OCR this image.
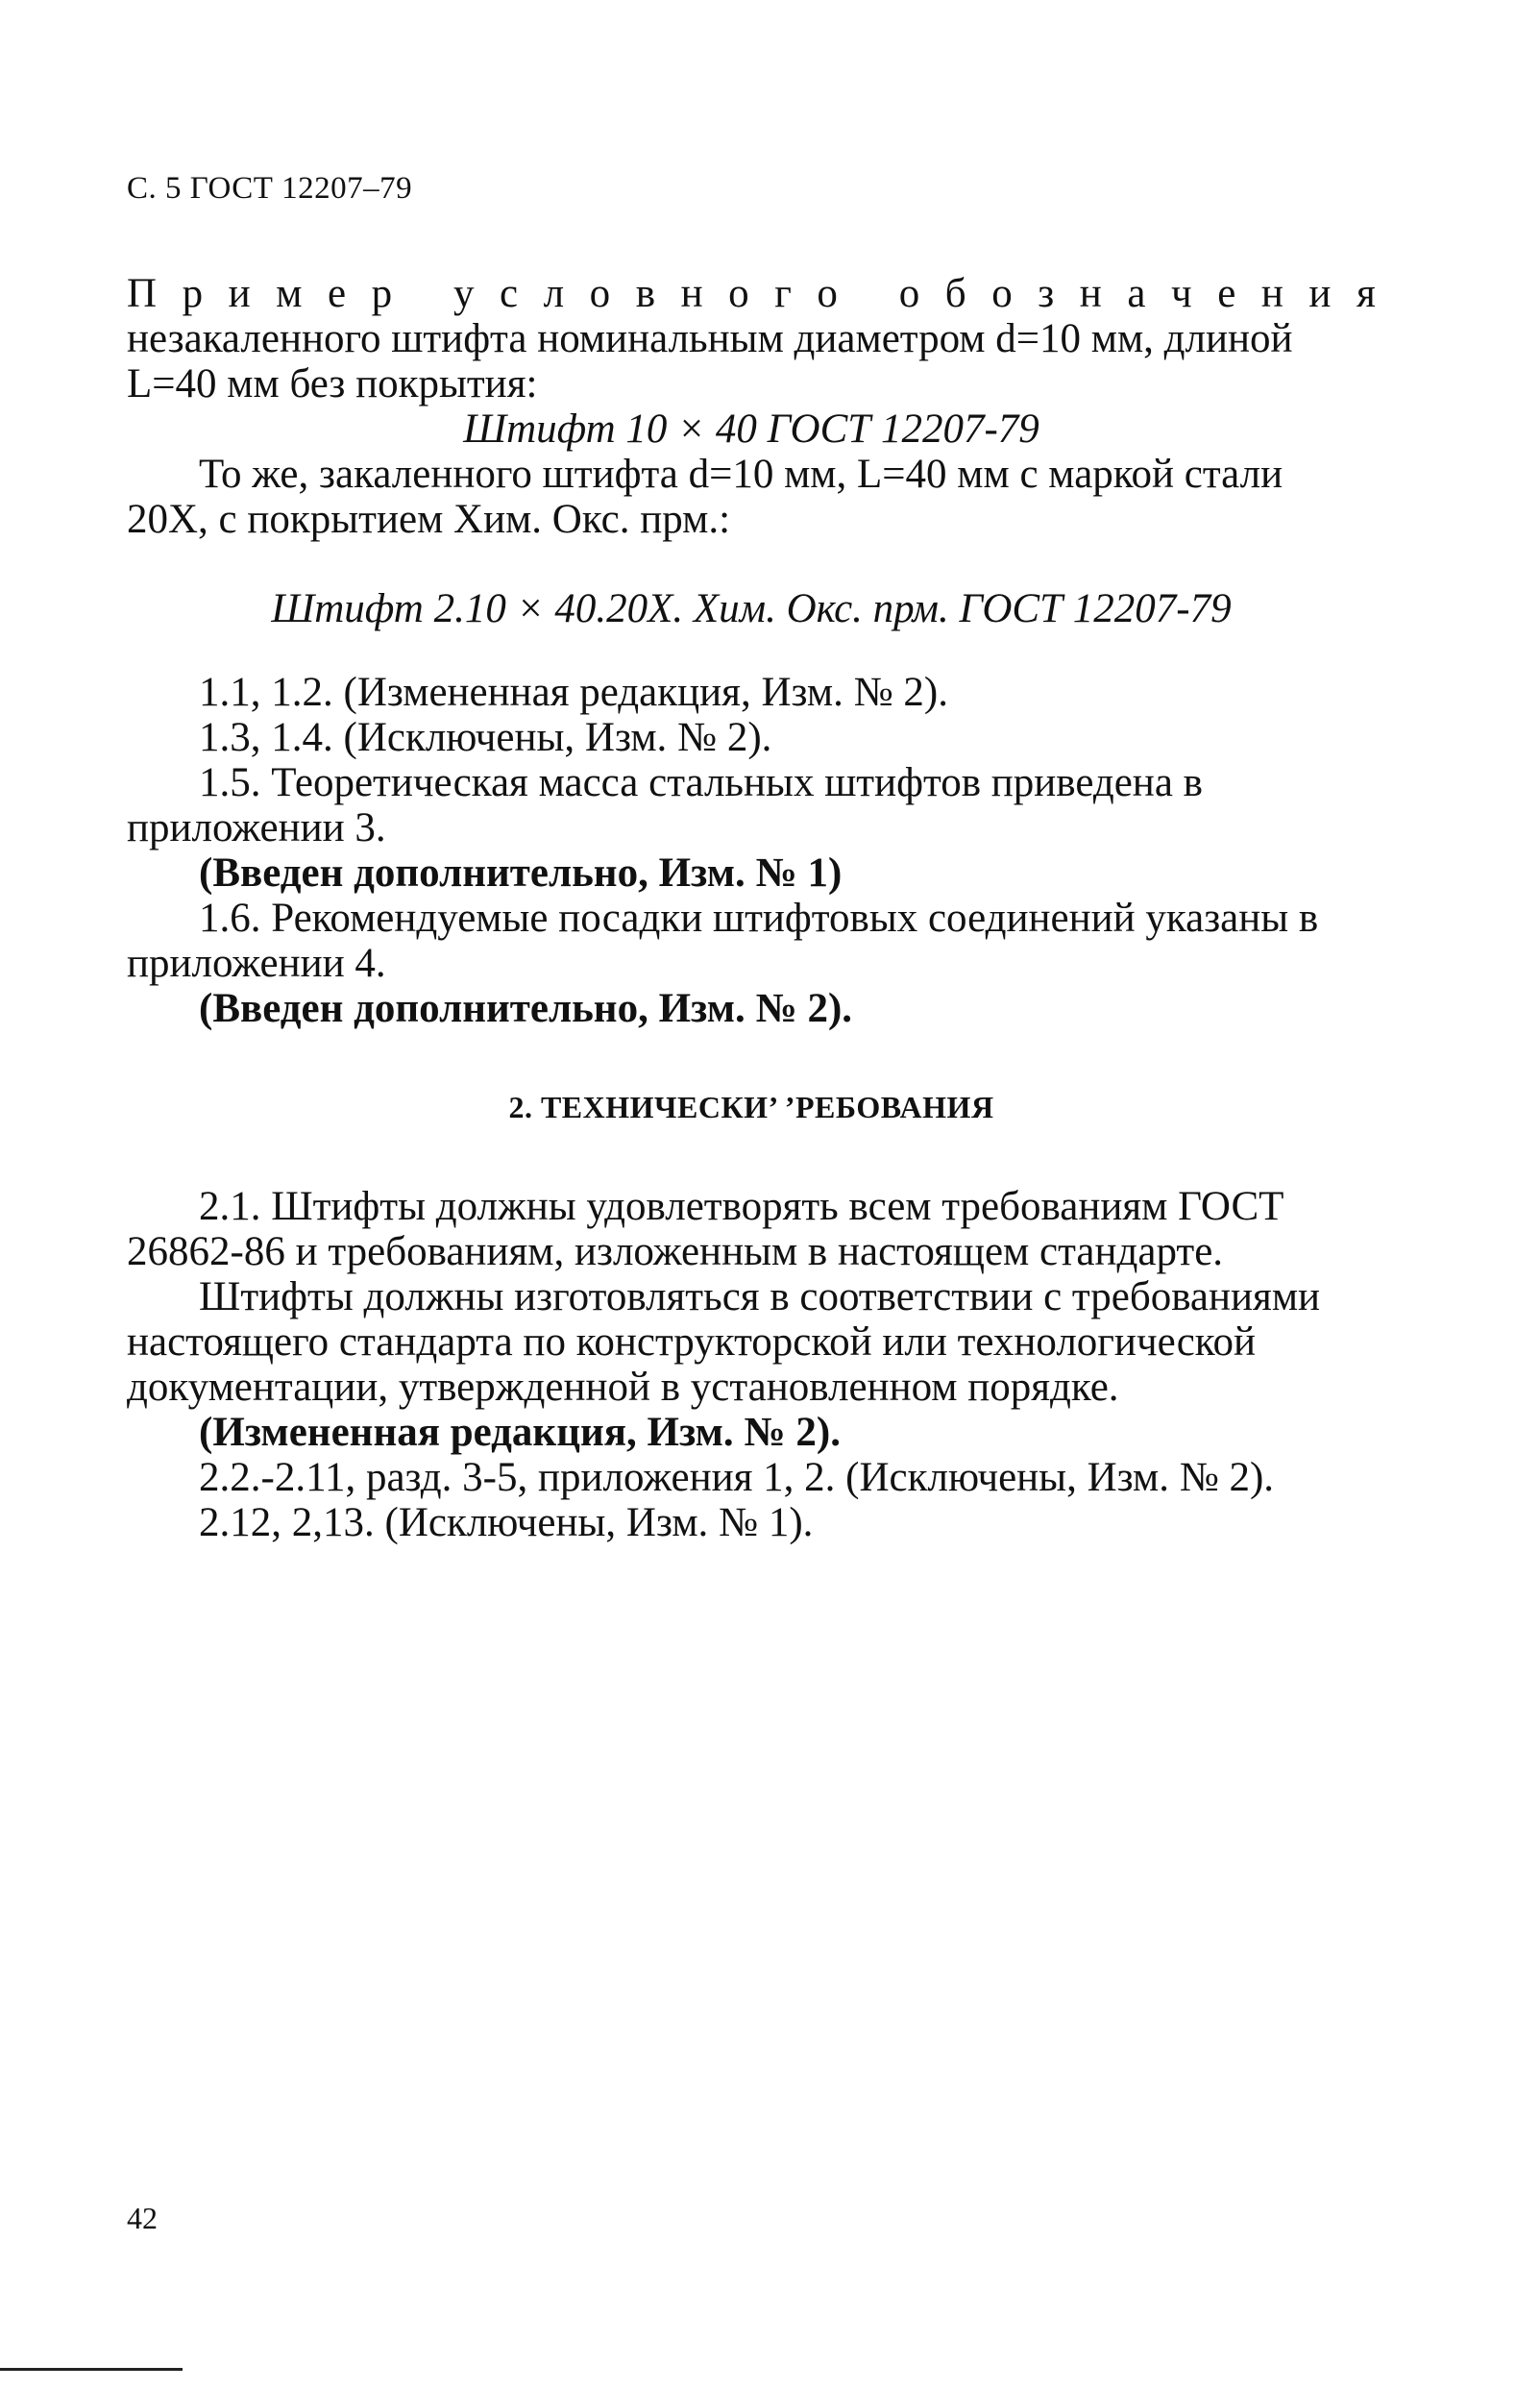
С. 5 ГОСТ 12207–79
П р и м е р
у с л о в н о г о
о б о з н а ч е н и я

незакаленного штифта номинальным диаметром d=10 мм, длиной

L=40 мм без покрытия:

Штифт 10 × 40 ГОСТ 12207-79

То же, закаленного штифта d=10 мм, L=40 мм с маркой стали

20Х, с покрытием Хим. Окс. прм.:

Штифт 2.10 × 40.20Х. Хим. Окс. прм. ГОСТ 12207-79

1.1, 1.2. (Измененная редакция, Изм. № 2).

1.3, 1.4. (Исключены, Изм. № 2).

1.5. Теоретическая масса стальных штифтов приведена в

приложении 3.

(Введен дополнительно, Изм. № 1)

1.6. Рекомендуемые посадки штифтовых соединений указаны в

приложении 4.

(Введен дополнительно, Изм. № 2).

2. ТЕХНИЧЕСКИ’ ’РЕБОВАНИЯ

2.1. Штифты должны удовлетворять всем требованиям ГОСТ

26862-86 и требованиям, изложенным в настоящем стандарте.

Штифты должны изготовляться в соответствии с требованиями

настоящего стандарта по конструкторской или технологической

документации, утвержденной в установленном порядке.

(Измененная редакция, Изм. № 2).

2.2.-2.11, разд. 3-5, приложения 1, 2. (Исключены, Изм. № 2).

2.12, 2,13. (Исключены, Изм. № 1).

42
